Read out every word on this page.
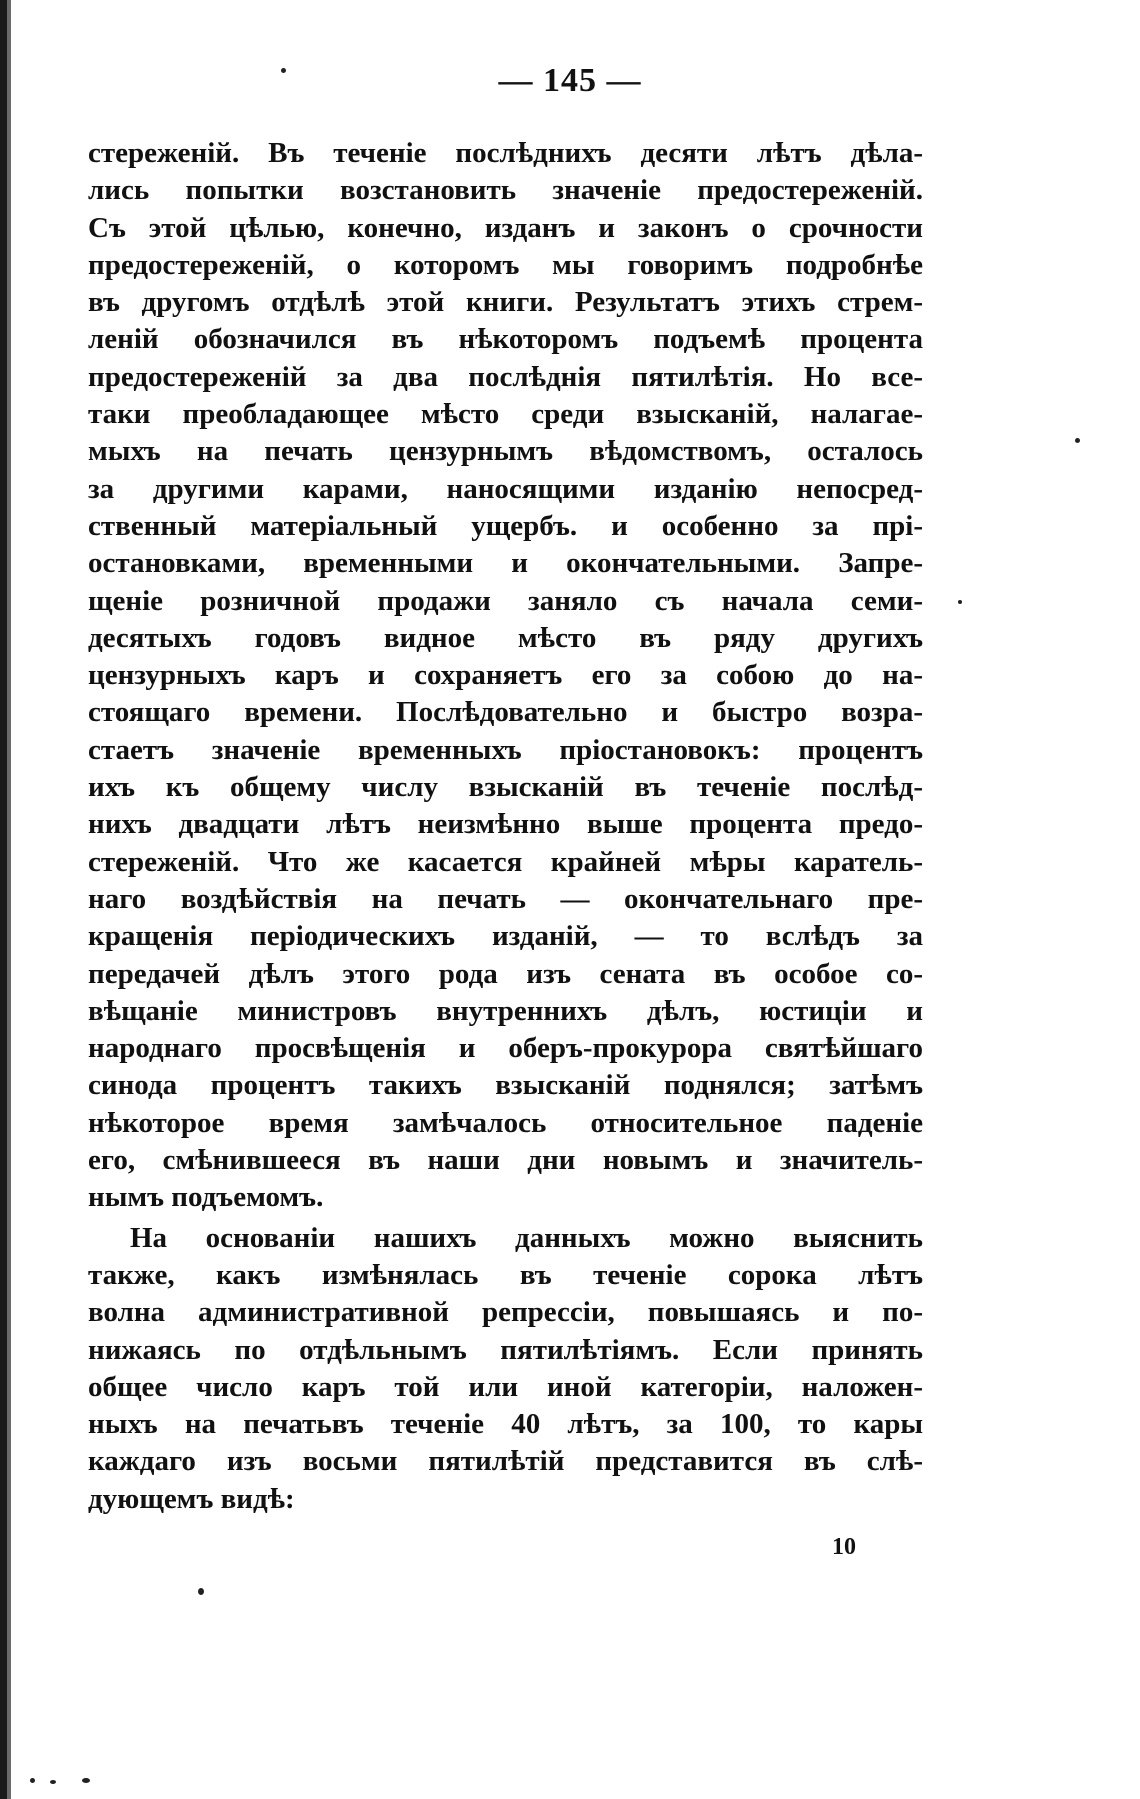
— 145 —
стереженій. Въ теченіе послѣднихъ десяти лѣтъ дѣла-
лись попытки возстановить значеніе предостереженій.
Съ этой цѣлью, конечно, изданъ и законъ о срочности
предостереженій, о которомъ мы говоримъ подробнѣе
въ другомъ отдѣлѣ этой книги. Результатъ этихъ стрем-
леній обозначился въ нѣкоторомъ подъемѣ процента
предостереженій за два послѣднія пятилѣтія. Но все-
таки преобладающее мѣсто среди взысканій, налагае-
мыхъ на печать цензурнымъ вѣдомствомъ, осталось
за другими карами, наносящими изданію непосред-
ственный матеріальный ущербъ. и особенно за прі-
остановками, временными и окончательными. Запре-
щеніе розничной продажи заняло съ начала семи-
десятыхъ годовъ видное мѣсто въ ряду другихъ
цензурныхъ каръ и сохраняетъ его за собою до на-
стоящаго времени. Послѣдовательно и быстро возра-
стаетъ значеніе временныхъ пріостановокъ: процентъ
ихъ къ общему числу взысканій въ теченіе послѣд-
нихъ двадцати лѣтъ неизмѣнно выше процента предо-
стереженій. Что же касается крайней мѣры каратель-
наго воздѣйствія на печать — окончательнаго пре-
кращенія періодическихъ изданій, — то вслѣдъ за
передачей дѣлъ этого рода изъ сената въ особое со-
вѣщаніе министровъ внутреннихъ дѣлъ, юстиціи и
народнаго просвѣщенія и оберъ-прокурора святѣйшаго
синода процентъ такихъ взысканій поднялся; затѣмъ
нѣкоторое время замѣчалось относительное паденіе
его, смѣнившееся въ наши дни новымъ и значитель-
нымъ подъемомъ.
На основаніи нашихъ данныхъ можно выяснить
также, какъ измѣнялась въ теченіе сорока лѣтъ
волна административной репрессіи, повышаясь и по-
нижаясь по отдѣльнымъ пятилѣтіямъ. Если принять
общее число каръ той или иной категоріи, наложен-
ныхъ на печатьвъ теченіе 40 лѣтъ, за 100, то кары
каждаго изъ восьми пятилѣтій представится въ слѣ-
дующемъ видѣ:
10
